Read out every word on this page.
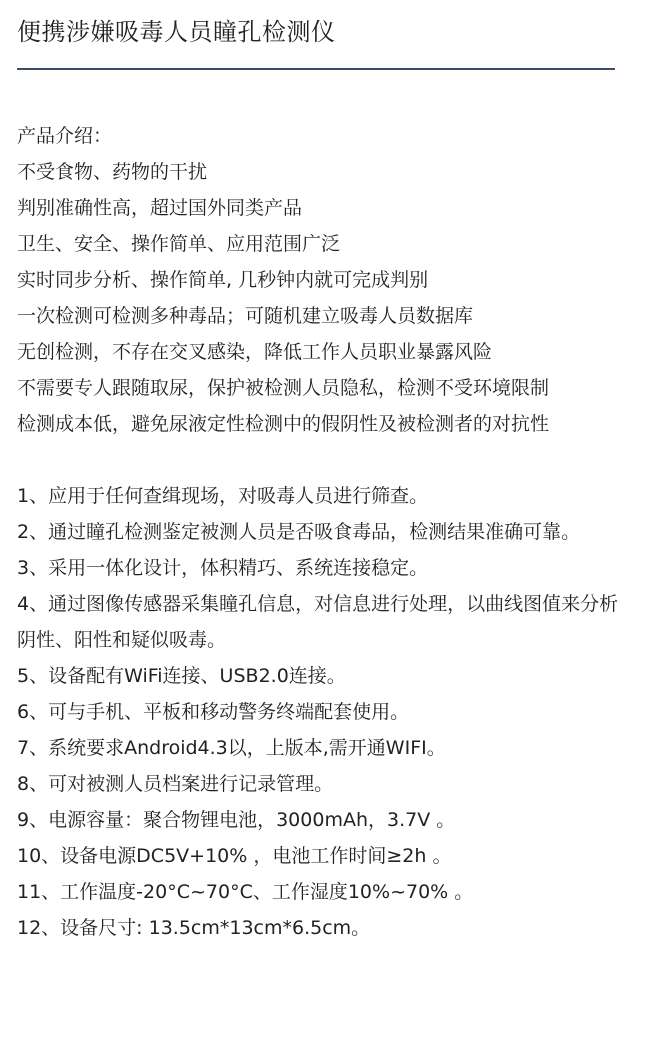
便携涉嫌吸毒人员瞳孔检测仪
产品介绍：
不受食物、药物的干扰
判别准确性高，超过国外同类产品
卫生、安全、操作简单、应用范围广泛
实时同步分析、操作简单, 几秒钟内就可完成判别
一次检测可检测多种毒品；可随机建立吸毒人员数据库
无创检测，不存在交叉感染，降低工作人员职业暴露风险
不需要专人跟随取尿，保护被检测人员隐私，检测不受环境限制
检测成本低，避免尿液定性检测中的假阴性及被检测者的对抗性
1、应用于任何查缉现场，对吸毒人员进行筛查。
2、通过瞳孔检测鉴定被测人员是否吸食毒品，检测结果准确可靠。
3、采用一体化设计，体积精巧、系统连接稳定。
4、通过图像传感器采集瞳孔信息，对信息进行处理，以曲线图值来分析阴性、阳性和疑似吸毒。
5、设备配有WiFi连接、USB2.0连接。
6、可与手机、平板和移动警务终端配套使用。
7、系统要求Android4.3以，上版本,需开通WIFI。
8、可对被测人员档案进行记录管理。
9、电源容量：聚合物锂电池，3000mAh，3.7V 。
10、设备电源DC5V+10% ，电池工作时间≥2h 。
11、工作温度-20°C~70°C、工作湿度10%~70% 。
12、设备尺寸: 13.5cm*13cm*6.5cm。
